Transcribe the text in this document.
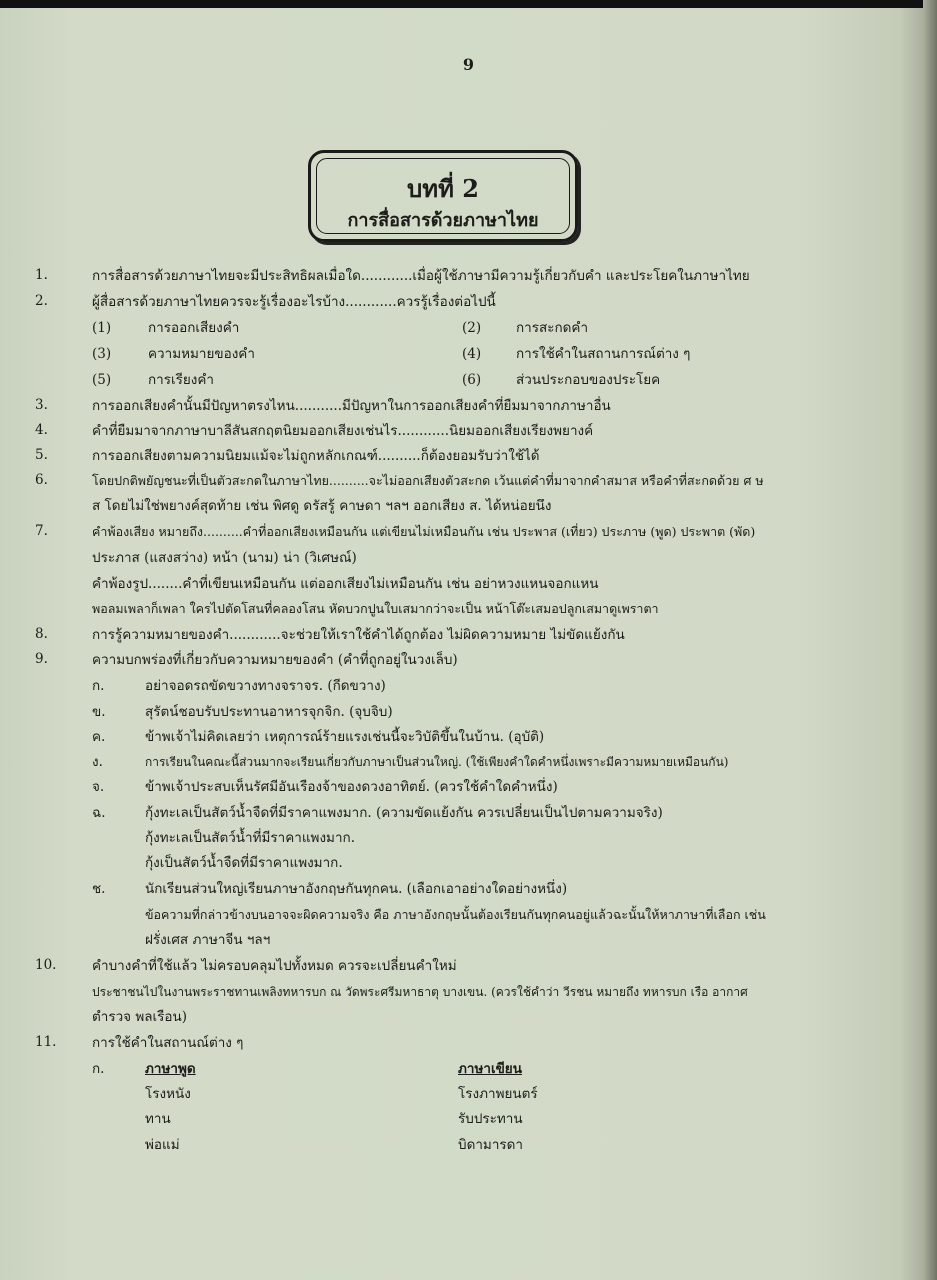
9
บทที่ 2
การสื่อสารด้วยภาษาไทย
1.	การสื่อสารด้วยภาษาไทยจะมีประสิทธิผลเมื่อใด............เมื่อผู้ใช้ภาษามีความรู้เกี่ยวกับคำ และประโยคในภาษาไทย
2.	ผู้สื่อสารด้วยภาษาไทยควรจะรู้เรื่องอะไรบ้าง............ควรรู้เรื่องต่อไปนี้
(1)	การออกเสียงคำ	(2)	การสะกดคำ
(3)	ความหมายของคำ	(4)	การใช้คำในสถานการณ์ต่าง ๆ
(5)	การเรียงคำ	(6)	ส่วนประกอบของประโยค
3.	การออกเสียงคำนั้นมีปัญหาตรงไหน...........มีปัญหาในการออกเสียงคำที่ยืมมาจากภาษาอื่น
4.	คำที่ยืมมาจากภาษาบาลีสันสกฤตนิยมออกเสียงเช่นไร............นิยมออกเสียงเรียงพยางค์
5.	การออกเสียงตามความนิยมแม้จะไม่ถูกหลักเกณฑ์..........ก็ต้องยอมรับว่าใช้ได้
6.	โดยปกติพยัญชนะที่เป็นตัวสะกดในภาษาไทย..........จะไม่ออกเสียงตัวสะกด เว้นแต่คำที่มาจากคำสมาส หรือคำที่สะกดด้วย ศ ษ
ส โดยไม่ใช่พยางค์สุดท้าย เช่น พิศดู ดรัสรู้ คาษดา ฯลฯ ออกเสียง ส. ได้หน่อยนึง
7.	คำพ้องเสียง หมายถึง..........คำที่ออกเสียงเหมือนกัน แต่เขียนไม่เหมือนกัน เช่น ประพาส (เที่ยว) ประภาษ (พูด) ประพาต (พัด)
ประภาส (แสงสว่าง) หน้า (นาม) น่า (วิเศษณ์)
คำพ้องรูป........คำที่เขียนเหมือนกัน แต่ออกเสียงไม่เหมือนกัน เช่น อย่าหวงแหนจอกแหน
พอลมเพลาก็เพลา ใครไปตัดโสนที่คลองโสน หัดบวกปูนใบเสมากว่าจะเป็น หน้าโต๊ะเสมอปลูกเสมาดูเพราตา
8.	การรู้ความหมายของคำ............จะช่วยให้เราใช้คำได้ถูกต้อง ไม่ผิดความหมาย ไม่ขัดแย้งกัน
9.	ความบกพร่องที่เกี่ยวกับความหมายของคำ (คำที่ถูกอยู่ในวงเล็บ)
ก.	อย่าจอดรถขัดขวางทางจราจร. (กีดขวาง)
ข.	สุรัตน์ชอบรับประทานอาหารจุกจิก. (จุบจิบ)
ค.	ข้าพเจ้าไม่คิดเลยว่า เหตุการณ์ร้ายแรงเช่นนี้จะวิบัติขึ้นในบ้าน. (อุบัติ)
ง.	การเรียนในคณะนี้ส่วนมากจะเรียนเกี่ยวกับภาษาเป็นส่วนใหญ่. (ใช้เพียงคำใดคำหนึ่งเพราะมีความหมายเหมือนกัน)
จ.	ข้าพเจ้าประสบเห็นรัศมีอันเรืองจ้าของดวงอาทิตย์. (ควรใช้คำใดคำหนึ่ง)
ฉ.	กุ้งทะเลเป็นสัตว์น้ำจืดที่มีราคาแพงมาก. (ความขัดแย้งกัน ควรเปลี่ยนเป็นไปตามความจริง)
กุ้งทะเลเป็นสัตว์น้ำที่มีราคาแพงมาก.
กุ้งเป็นสัตว์น้ำจืดที่มีราคาแพงมาก.
ช.	นักเรียนส่วนใหญ่เรียนภาษาอังกฤษกันทุกคน. (เลือกเอาอย่างใดอย่างหนึ่ง)
ข้อความที่กล่าวข้างบนอาจจะผิดความจริง คือ ภาษาอังกฤษนั้นต้องเรียนกันทุกคนอยู่แล้วฉะนั้นให้หาภาษาที่เลือก เช่น
ฝรั่งเศส ภาษาจีน ฯลฯ
10.	คำบางคำที่ใช้แล้ว ไม่ครอบคลุมไปทั้งหมด ควรจะเปลี่ยนคำใหม่
ประชาชนไปในงานพระราชทานเพลิงทหารบก ณ วัดพระศรีมหาธาตุ บางเขน. (ควรใช้คำว่า วีรชน หมายถึง ทหารบก เรือ อากาศ
ตำรวจ พลเรือน)
11.	การใช้คำในสถานณ์ต่าง ๆ
ก.	ภาษาพูด	ภาษาเขียน
โรงหนัง	โรงภาพยนตร์
ทาน	รับประทาน
พ่อแม่	บิดามารดา
